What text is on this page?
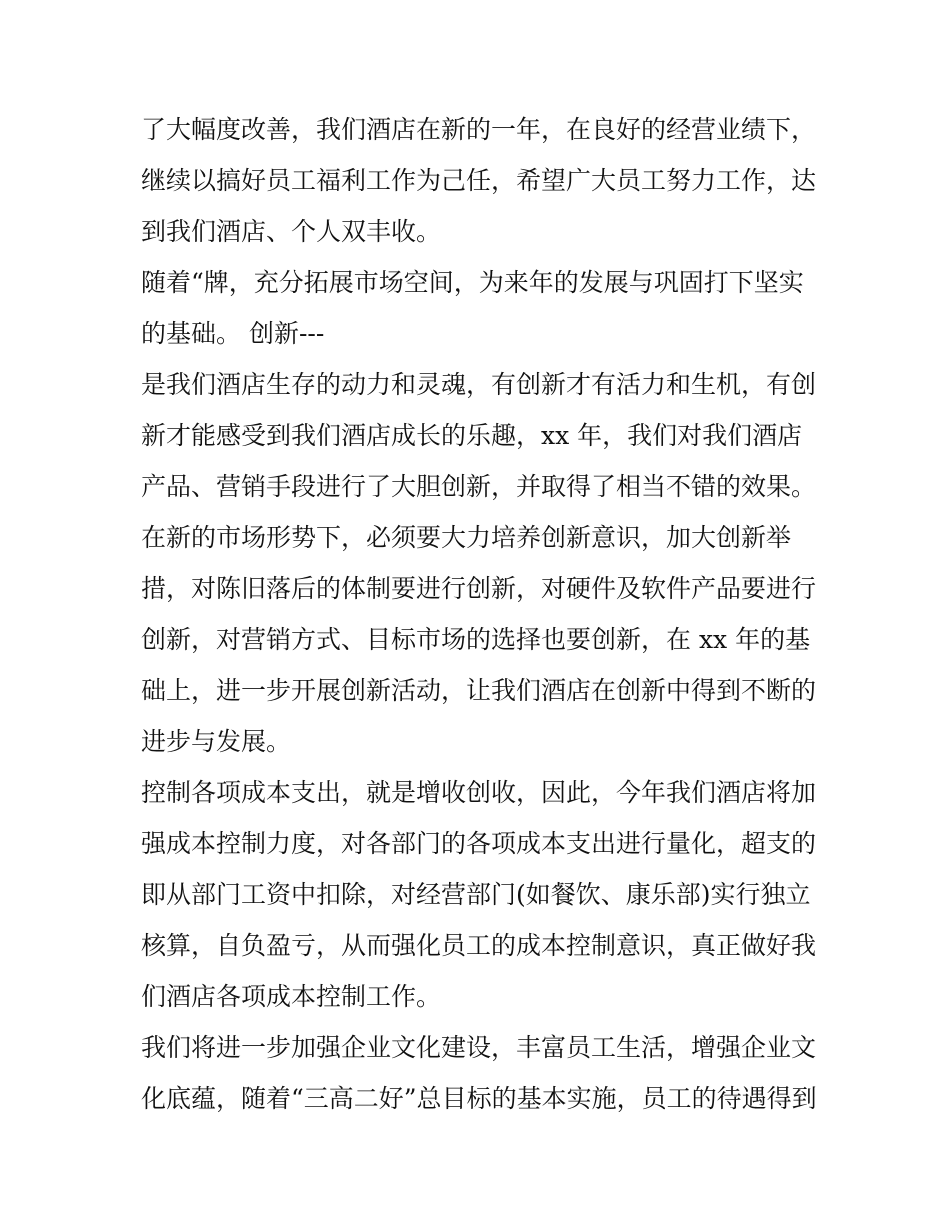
了大幅度改善，我们酒店在新的一年，在良好的经营业绩下，
继续以搞好员工福利工作为己任，希望广大员工努力工作，达
到我们酒店、个人双丰收。
随着“牌，充分拓展市场空间，为来年的发展与巩固打下坚实
的基础。 创新---
是我们酒店生存的动力和灵魂，有创新才有活力和生机，有创
新才能感受到我们酒店成长的乐趣，xx 年，我们对我们酒店
产品、营销手段进行了大胆创新，并取得了相当不错的效果。
在新的市场形势下，必须要大力培养创新意识，加大创新举
措，对陈旧落后的体制要进行创新，对硬件及软件产品要进行
创新，对营销方式、目标市场的选择也要创新，在 xx 年的基
础上，进一步开展创新活动，让我们酒店在创新中得到不断的
进步与发展。
控制各项成本支出，就是增收创收，因此，今年我们酒店将加
强成本控制力度，对各部门的各项成本支出进行量化，超支的
即从部门工资中扣除，对经营部门(如餐饮、康乐部)实行独立
核算，自负盈亏，从而强化员工的成本控制意识，真正做好我
们酒店各项成本控制工作。
我们将进一步加强企业文化建设，丰富员工生活，增强企业文
化底蕴，随着“三高二好”总目标的基本实施，员工的待遇得到
